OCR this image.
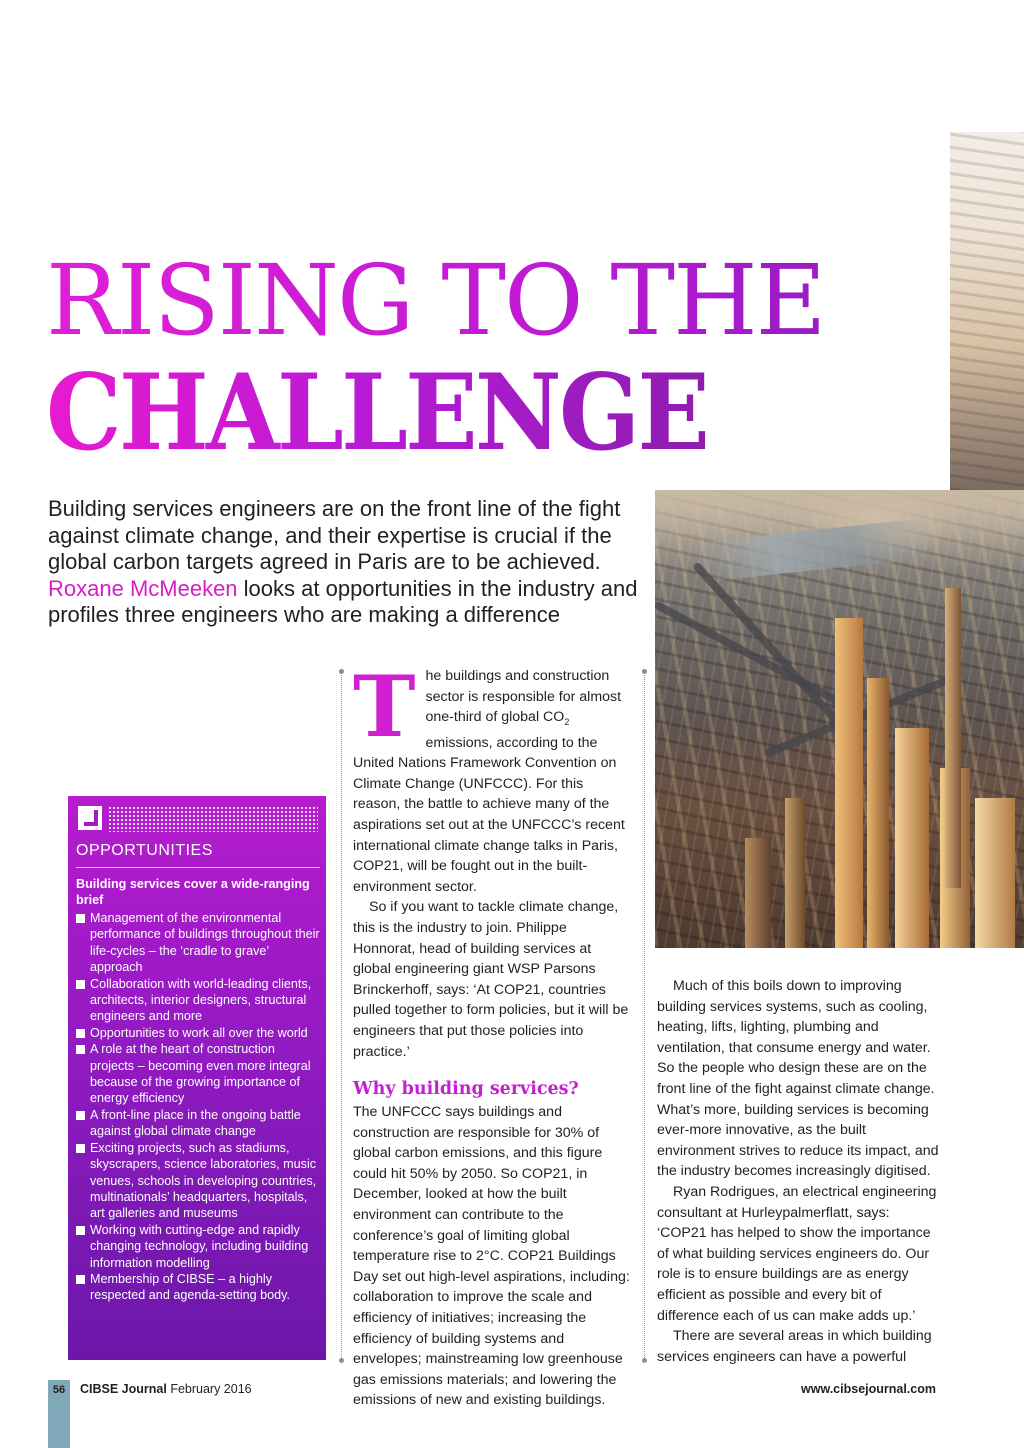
RISING TO THE
CHALLENGE

Building services engineers are on the front line of the fight against climate change, and their expertise is crucial if the global carbon targets agreed in Paris are to be achieved.
Roxane McMeeken looks at opportunities in the industry and profiles three engineers who are making a difference

OPPORTUNITIES

Building services cover a wide-ranging brief

Management of the environmental performance of buildings throughout their life-cycles – the ‘cradle to grave’ approach
Collaboration with world-leading clients, architects, interior designers, structural engineers and more
Opportunities to work all over the world
A role at the heart of construction projects – becoming even more integral because of the growing importance of energy efficiency
A front-line place in the ongoing battle against global climate change
Exciting projects, such as stadiums, skyscrapers, science laboratories, music venues, schools in developing countries, multinationals’ headquarters, hospitals, art galleries and museums
Working with cutting-edge and rapidly changing technology, including building information modelling
Membership of CIBSE – a highly respected and agenda-setting body.
T he buildings and construction sector is responsible for almost one-third of global $CO_2$ emissions, according to the United Nations Framework Convention on Climate Change (UNFCCC). For this reason, the battle to achieve many of the aspirations set out at the UNFCCC’s recent international climate change talks in Paris, COP21, will be fought out in the built-environment sector.

So if you want to tackle climate change, this is the industry to join. Philippe Honnorat, head of building services at global engineering giant WSP Parsons Brinckerhoff, says: ‘At COP21, countries pulled together to form policies, but it will be engineers that put those policies into practice.’

Why building services?

The UNFCCC says buildings and construction are responsible for 30% of global carbon emissions, and this figure could hit 50% by 2050. So COP21, in December, looked at how the built environment can contribute to the conference’s goal of limiting global temperature rise to 2°C. COP21 Buildings Day set out high-level aspirations, including: collaboration to improve the scale and efficiency of initiatives; increasing the efficiency of building systems and envelopes; mainstreaming low greenhouse gas emissions materials; and lowering the emissions of new and existing buildings.

Much of this boils down to improving building services systems, such as cooling, heating, lifts, lighting, plumbing and ventilation, that consume energy and water. So the people who design these are on the front line of the fight against climate change. What’s more, building services is becoming ever-more innovative, as the built environment strives to reduce its impact, and the industry becomes increasingly digitised.

Ryan Rodrigues, an electrical engineering consultant at Hurleypalmerflatt, says: ‘COP21 has helped to show the importance of what building services engineers do. Our role is to ensure buildings are as energy efficient as possible and every bit of difference each of us can make adds up.’

There are several areas in which building services engineers can have a powerful

56	CIBSE Journal February 2016	www.cibsejournal.com
